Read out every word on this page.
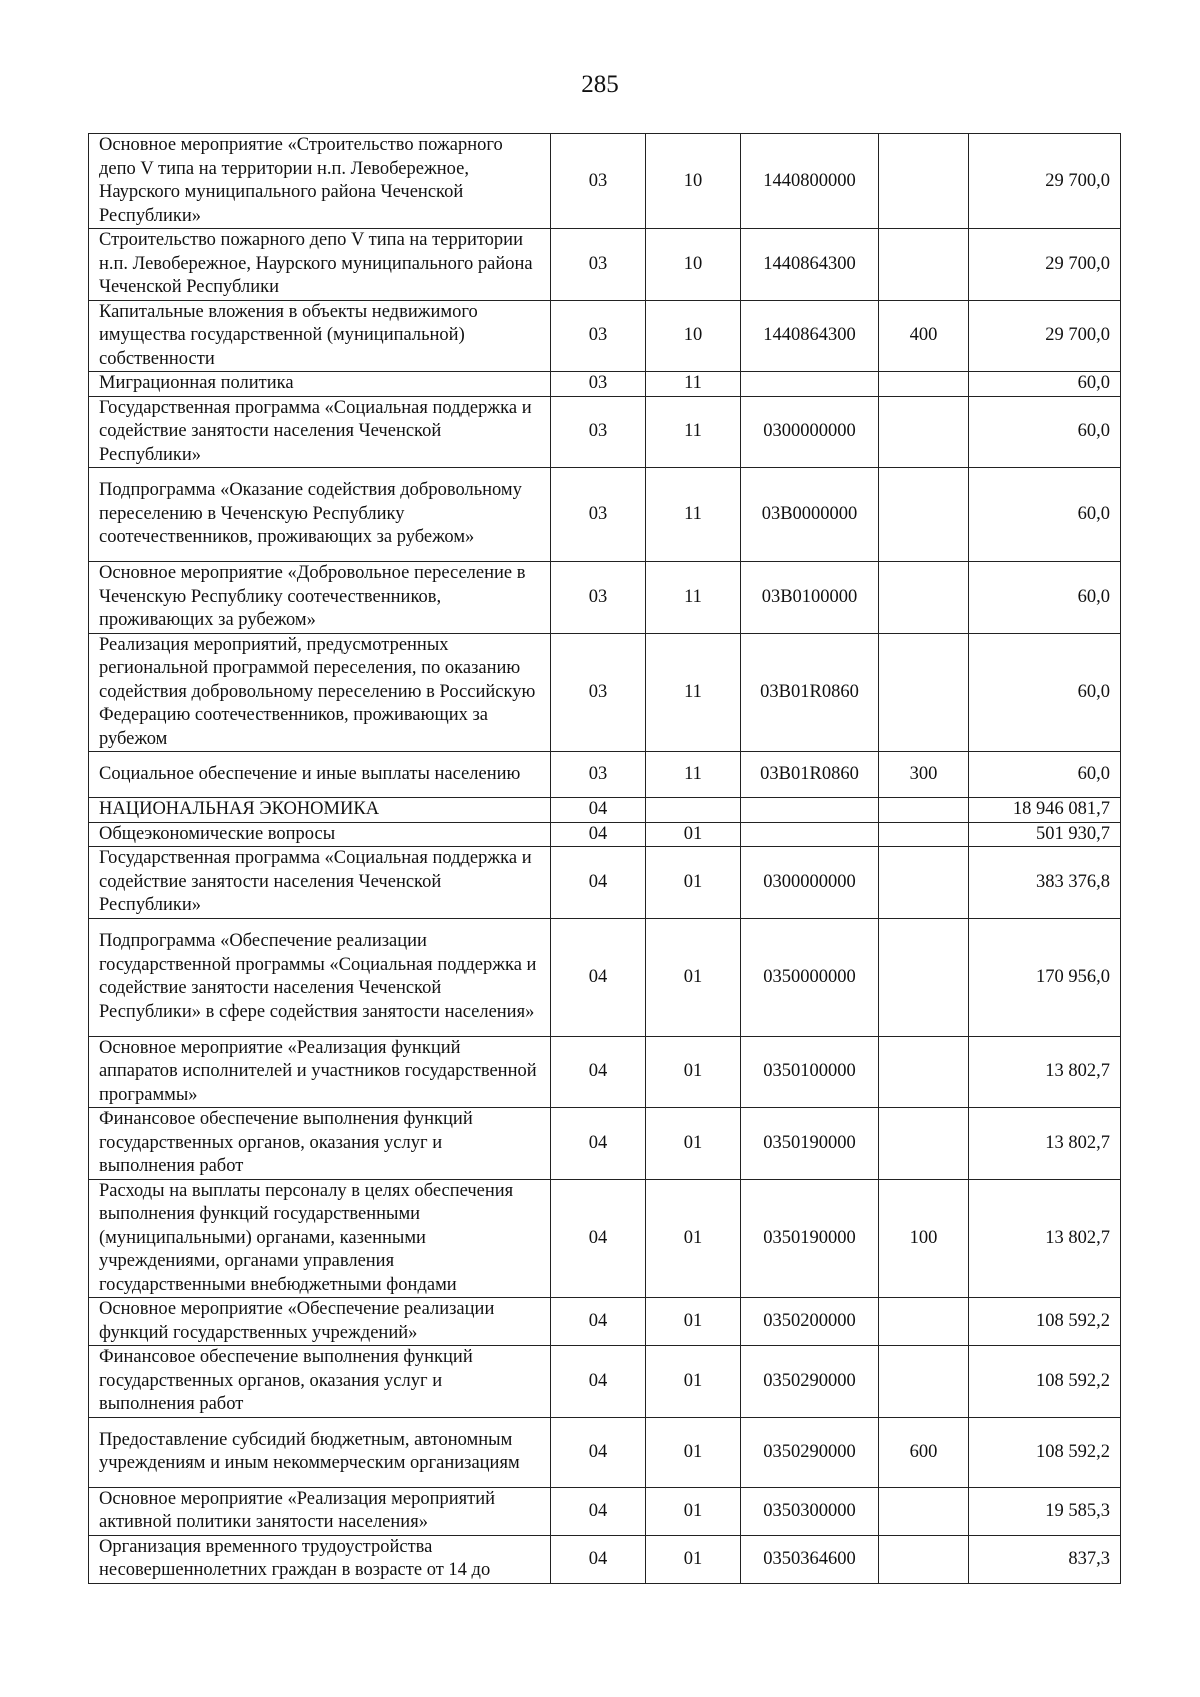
285
Основное мероприятие «Строительство пожарного депо V типа на территории н.п. Левобережное, Наурского муниципального района Чеченской Республики»	03	10	1440800000		29 700,0
Строительство пожарного депо V типа на территории н.п. Левобережное, Наурского муниципального района Чеченской Республики	03	10	1440864300		29 700,0
Капитальные вложения в объекты недвижимого имущества государственной (муниципальной) собственности	03	10	1440864300	400	29 700,0
Миграционная политика	03	11			60,0
Государственная программа «Социальная поддержка и содействие занятости населения Чеченской Республики»	03	11	0300000000		60,0
Подпрограмма «Оказание содействия добровольному переселению в Чеченскую Республику соотечественников, проживающих за рубежом»	03	11	03В0000000		60,0
Основное мероприятие «Добровольное переселение в Чеченскую Республику соотечественников, проживающих за рубежом»	03	11	03В0100000		60,0
Реализация мероприятий, предусмотренных региональной программой переселения, по оказанию содействия добровольному переселению в Российскую Федерацию соотечественников, проживающих за рубежом	03	11	03В01R0860		60,0
Социальное обеспечение и иные выплаты населению	03	11	03В01R0860	300	60,0
НАЦИОНАЛЬНАЯ ЭКОНОМИКА	04				18 946 081,7
Общеэкономические вопросы	04	01			501 930,7
Государственная программа «Социальная поддержка и содействие занятости населения Чеченской Республики»	04	01	0300000000		383 376,8
Подпрограмма «Обеспечение реализации государственной программы «Социальная поддержка и содействие занятости населения Чеченской Республики» в сфере содействия занятости населения»	04	01	0350000000		170 956,0
Основное мероприятие «Реализация функций аппаратов исполнителей и участников государственной программы»	04	01	0350100000		13 802,7
Финансовое обеспечение выполнения функций государственных органов, оказания услуг и выполнения работ	04	01	0350190000		13 802,7
Расходы на выплаты персоналу в целях обеспечения выполнения функций государственными (муниципальными) органами, казенными учреждениями, органами управления государственными внебюджетными фондами	04	01	0350190000	100	13 802,7
Основное мероприятие «Обеспечение реализации функций государственных учреждений»	04	01	0350200000		108 592,2
Финансовое обеспечение выполнения функций государственных органов, оказания услуг и выполнения работ	04	01	0350290000		108 592,2
Предоставление субсидий бюджетным, автономным учреждениям и иным некоммерческим организациям	04	01	0350290000	600	108 592,2
Основное мероприятие «Реализация мероприятий активной политики занятости населения»	04	01	0350300000		19 585,3
Организация временного трудоустройства несовершеннолетних граждан в возрасте от 14 до	04	01	0350364600		837,3
